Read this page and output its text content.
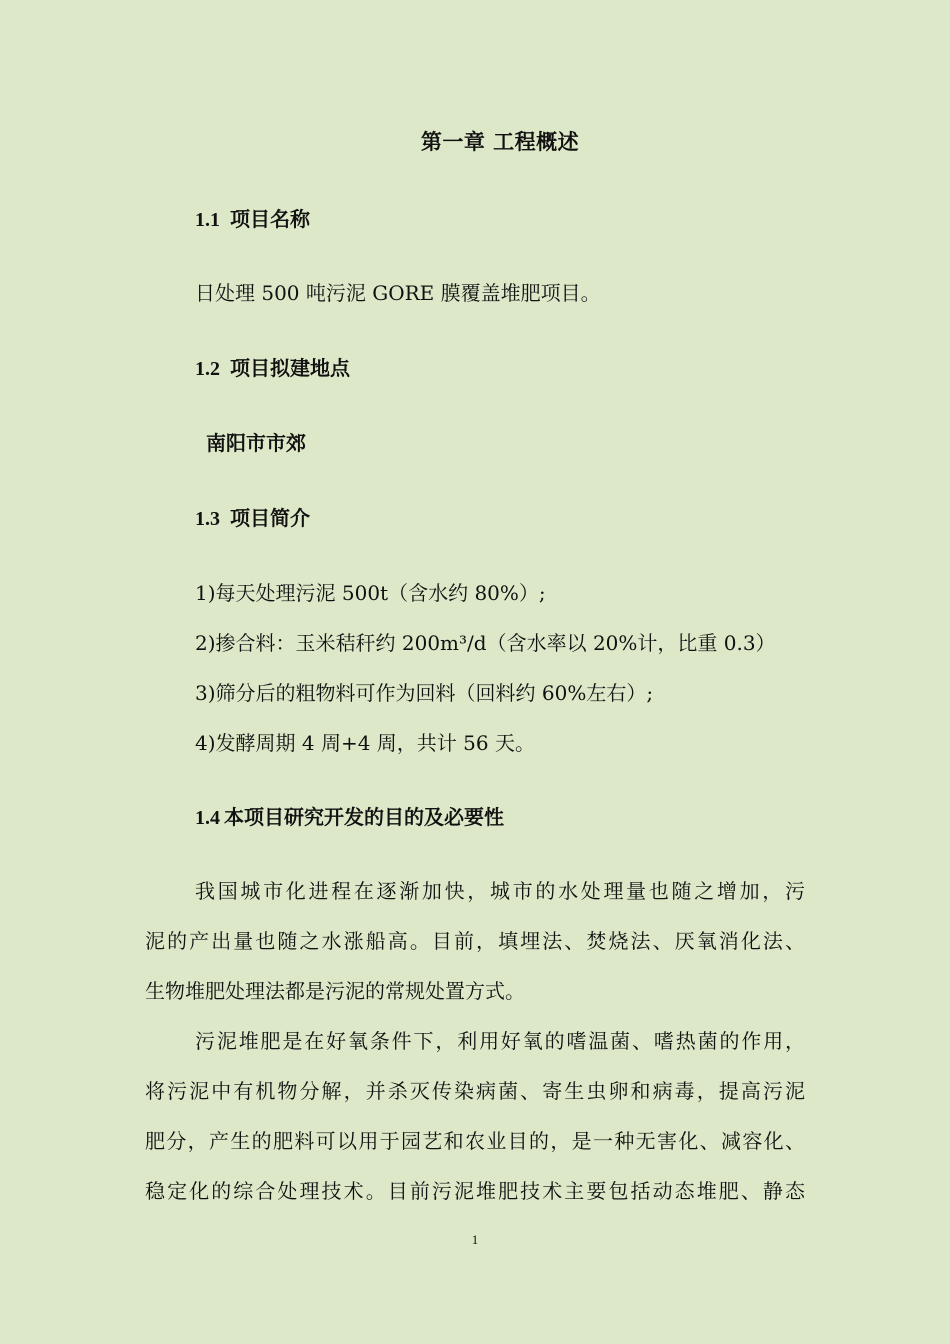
第一章 工程概述
1.1 项目名称
日处理 500 吨污泥 GORE 膜覆盖堆肥项目。
1.2 项目拟建地点
南阳市市郊
1.3 项目简介
1)每天处理污泥 500t（含水约 80%）;
2)掺合料：玉米秸秆约 200m³/d（含水率以 20%计，比重 0.3）
3)筛分后的粗物料可作为回料（回料约 60%左右）;
4)发酵周期 4 周+4 周，共计 56 天。
1.4 本项目研究开发的目的及必要性
我国城市化进程在逐渐加快，城市的水处理量也随之增加，污
泥的产出量也随之水涨船高。目前，填埋法、焚烧法、厌氧消化法、
生物堆肥处理法都是污泥的常规处置方式。
污泥堆肥是在好氧条件下，利用好氧的嗜温菌、嗜热菌的作用，
将污泥中有机物分解，并杀灭传染病菌、寄生虫卵和病毒，提高污泥
肥分，产生的肥料可以用于园艺和农业目的，是一种无害化、减容化、
稳定化的综合处理技术。目前污泥堆肥技术主要包括动态堆肥、静态
1
